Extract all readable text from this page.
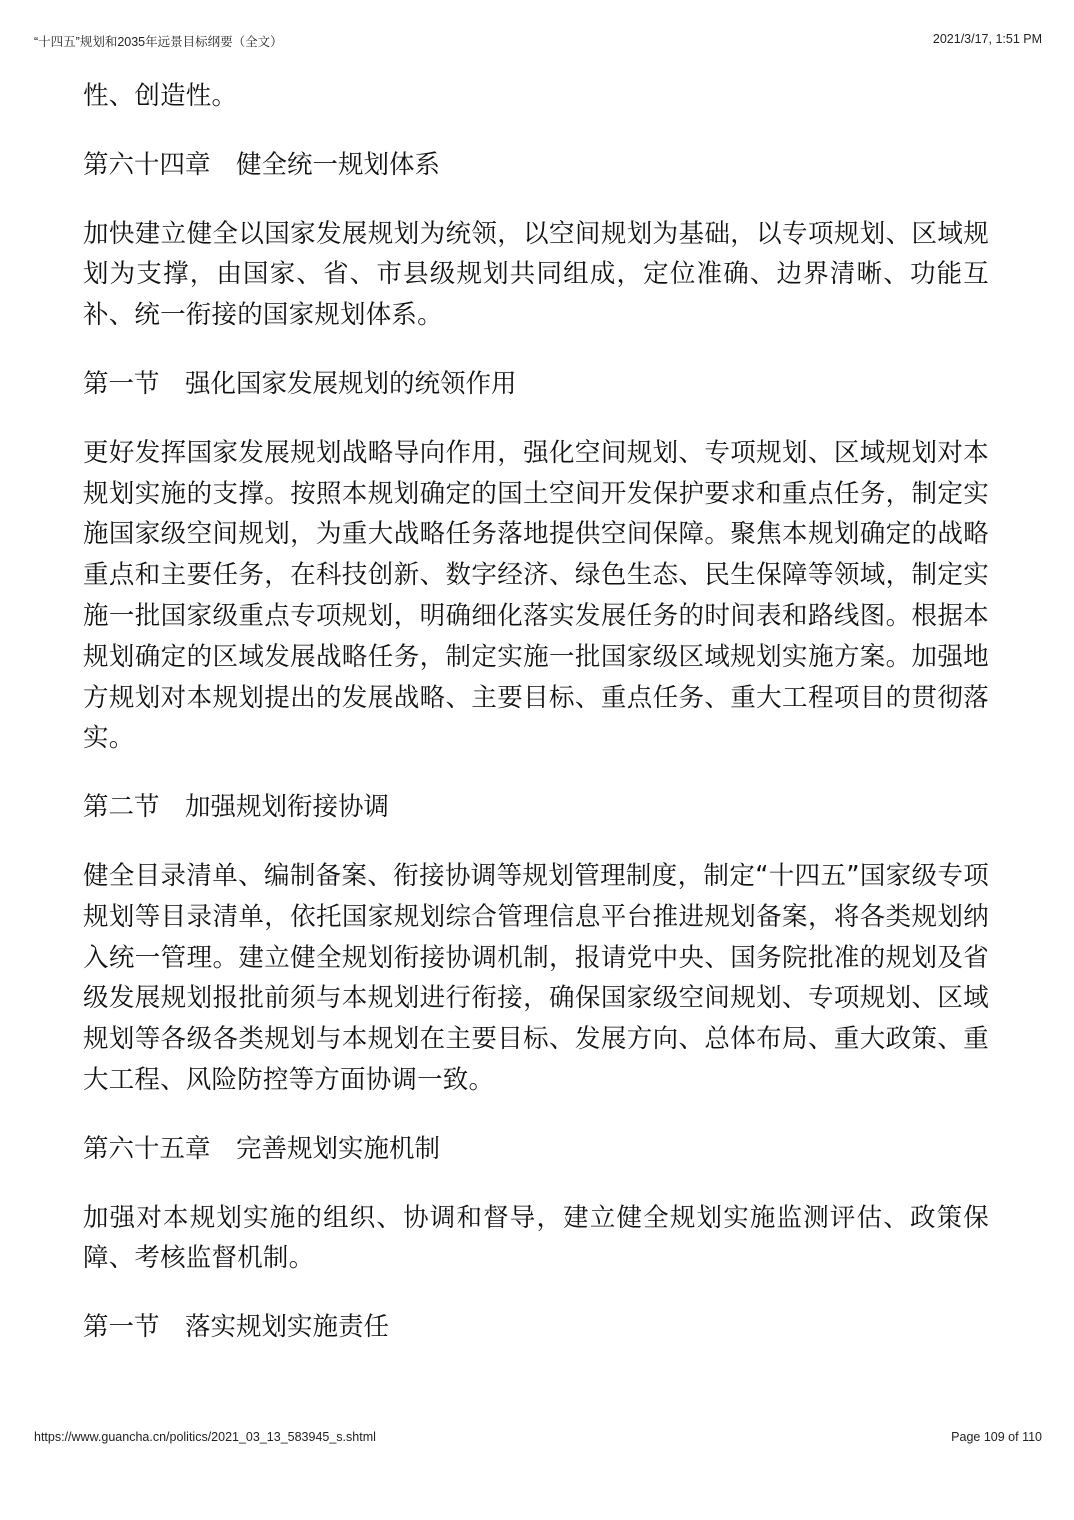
“十四五”规划和2035年远景目标纲要（全文）	2021/3/17, 1:51 PM

性、创造性。

第六十四章　健全统一规划体系

加快建立健全以国家发展规划为统领，以空间规划为基础，以专项规划、区域规划为支撑，由国家、省、市县级规划共同组成，定位准确、边界清晰、功能互补、统一衔接的国家规划体系。

第一节　强化国家发展规划的统领作用

更好发挥国家发展规划战略导向作用，强化空间规划、专项规划、区域规划对本规划实施的支撑。按照本规划确定的国土空间开发保护要求和重点任务，制定实施国家级空间规划，为重大战略任务落地提供空间保障。聚焦本规划确定的战略重点和主要任务，在科技创新、数字经济、绿色生态、民生保障等领域，制定实施一批国家级重点专项规划，明确细化落实发展任务的时间表和路线图。根据本规划确定的区域发展战略任务，制定实施一批国家级区域规划实施方案。加强地方规划对本规划提出的发展战略、主要目标、重点任务、重大工程项目的贯彻落实。

第二节　加强规划衔接协调

健全目录清单、编制备案、衔接协调等规划管理制度，制定“十四五”国家级专项规划等目录清单，依托国家规划综合管理信息平台推进规划备案，将各类规划纳入统一管理。建立健全规划衔接协调机制，报请党中央、国务院批准的规划及省级发展规划报批前须与本规划进行衔接，确保国家级空间规划、专项规划、区域规划等各级各类规划与本规划在主要目标、发展方向、总体布局、重大政策、重大工程、风险防控等方面协调一致。

第六十五章　完善规划实施机制

加强对本规划实施的组织、协调和督导，建立健全规划实施监测评估、政策保障、考核监督机制。

第一节　落实规划实施责任

https://www.guancha.cn/politics/2021_03_13_583945_s.shtml	Page 109 of 110
